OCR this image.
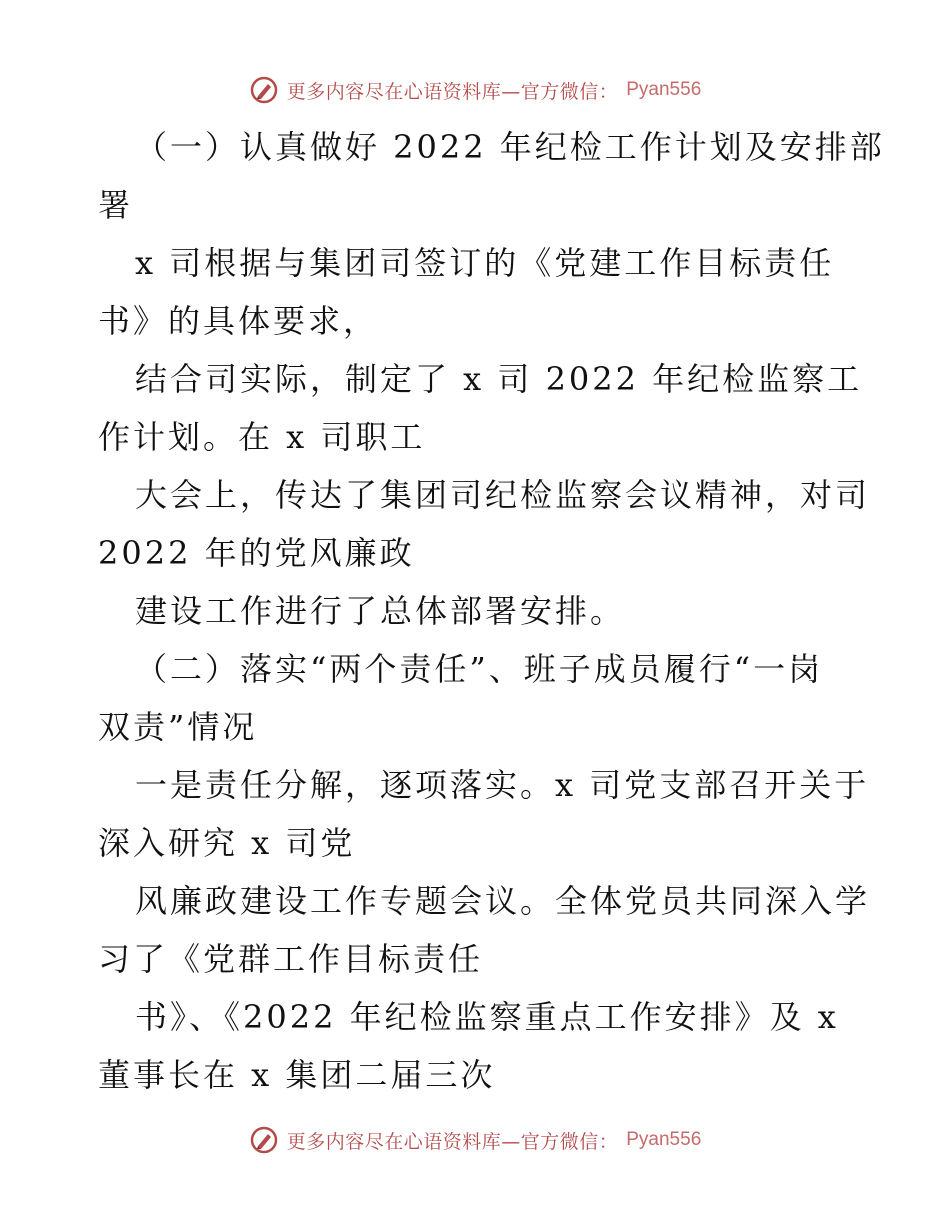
更多内容尽在心语资料库—官方微信： Pyan556
（一）认真做好 2022 年纪检工作计划及安排部
署
x 司根据与集团司签订的《党建工作目标责任
书》的具体要求，
结合司实际，制定了 x 司 2022 年纪检监察工
作计划。在 x 司职工
大会上，传达了集团司纪检监察会议精神，对司
2022 年的党风廉政
建设工作进行了总体部署安排。
（二）落实“两个责任”、班子成员履行“一岗
双责”情况
一是责任分解，逐项落实。x 司党支部召开关于
深入研究 x 司党
风廉政建设工作专题会议。全体党员共同深入学
习了《党群工作目标责任
书》、《2022 年纪检监察重点工作安排》及 x
董事长在 x 集团二届三次
更多内容尽在心语资料库—官方微信： Pyan556
